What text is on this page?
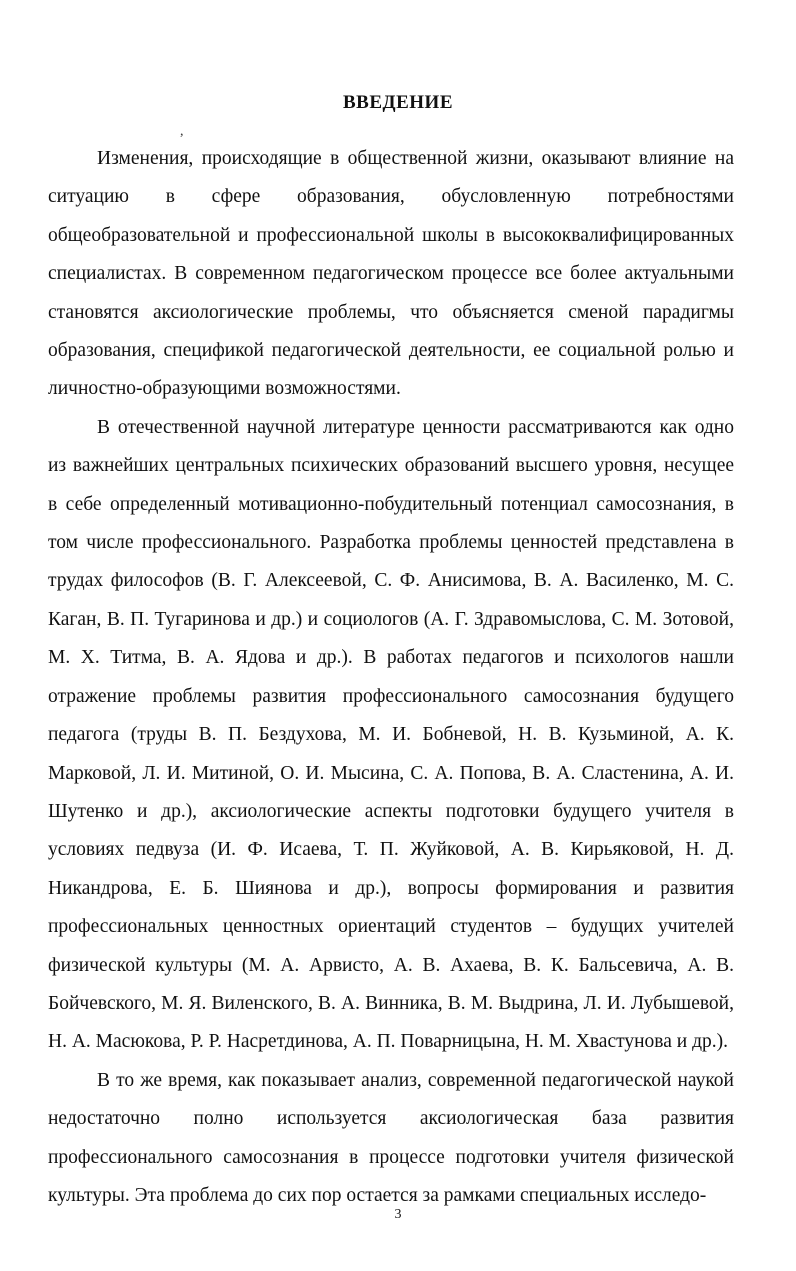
ВВЕДЕНИЕ
,

Изменения, происходящие в общественной жизни, оказывают влияние на ситуацию в сфере образования, обусловленную потребностями общеобразовательной и профессиональной школы в высококвалифицированных специалистах. В современном педагогическом процессе все более актуальными становятся аксиологические проблемы, что объясняется сменой парадигмы образования, спецификой педагогической деятельности, ее социальной ролью и личностно-образующими возможностями.

В отечественной научной литературе ценности рассматриваются как одно из важнейших центральных психических образований высшего уровня, несущее в себе определенный мотивационно-побудительный потенциал самосознания, в том числе профессионального. Разработка проблемы ценностей представлена в трудах философов (В. Г. Алексеевой, С. Ф. Анисимова, В. А. Василенко, М. С. Каган, В. П. Тугаринова и др.) и социологов (А. Г. Здравомыслова, С. М. Зотовой, М. Х. Титма, В. А. Ядова и др.). В работах педагогов и психологов нашли отражение проблемы развития профессионального самосознания будущего педагога (труды В. П. Бездухова, М. И. Бобневой, Н. В. Кузьминой, А. К. Марковой, Л. И. Митиной, О. И. Мысина, С. А. Попова, В. А. Сластенина, А. И. Шутенко и др.), аксиологические аспекты подготовки будущего учителя в условиях педвуза (И. Ф. Исаева, Т. П. Жуйковой, А. В. Кирьяковой, Н. Д. Никандрова, Е. Б. Шиянова и др.), вопросы формирования и развития профессиональных ценностных ориентаций студентов – будущих учителей физической культуры (М. А. Арвисто, А. В. Ахаева, В. К. Бальсевича, А. В. Бойчевского, М. Я. Виленского, В. А. Винника, В. М. Выдрина, Л. И. Лубышевой, Н. А. Масюкова, Р. Р. Насретдинова, А. П. Поварницына, Н. М. Хвастунова и др.).

В то же время, как показывает анализ, современной педагогической наукой недостаточно полно используется аксиологическая база развития профессионального самосознания в процессе подготовки учителя физической культуры. Эта проблема до сих пор остается за рамками специальных исследо-

3
